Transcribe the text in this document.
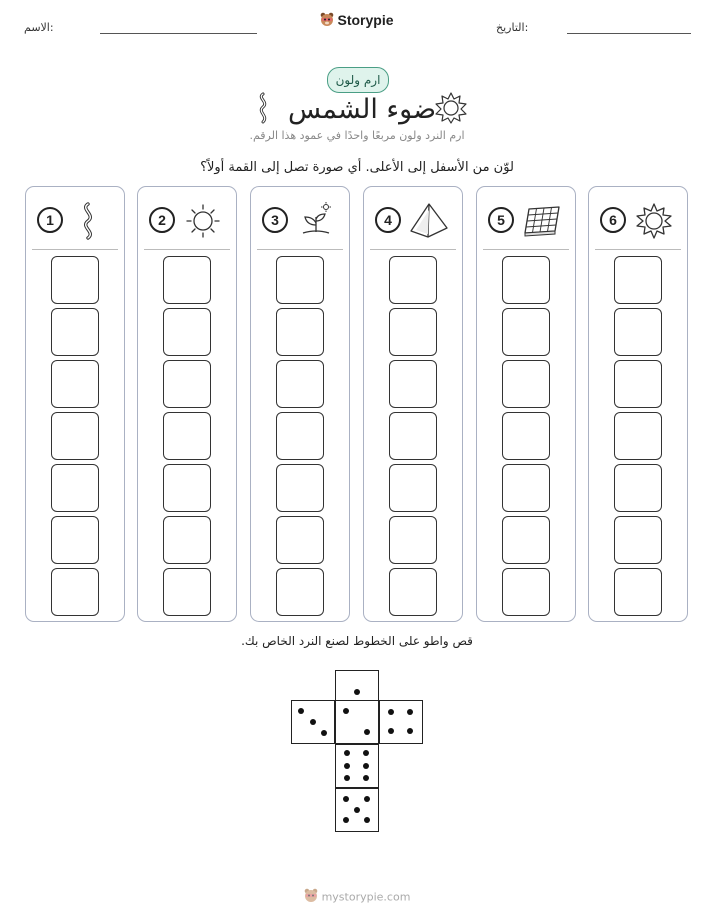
الاسم:	Storypie	التاريخ:
ارم ولون
ضوء الشمس
ارم النرد ولون مربعًا واحدًا في عمود هذا الرقم.
لوّن من الأسفل إلى الأعلى. أي صورة تصل إلى القمة أولاً؟
1	2	3	4	5	6
قص واطو على الخطوط لصنع النرد الخاص بك.
mystorypie.com
